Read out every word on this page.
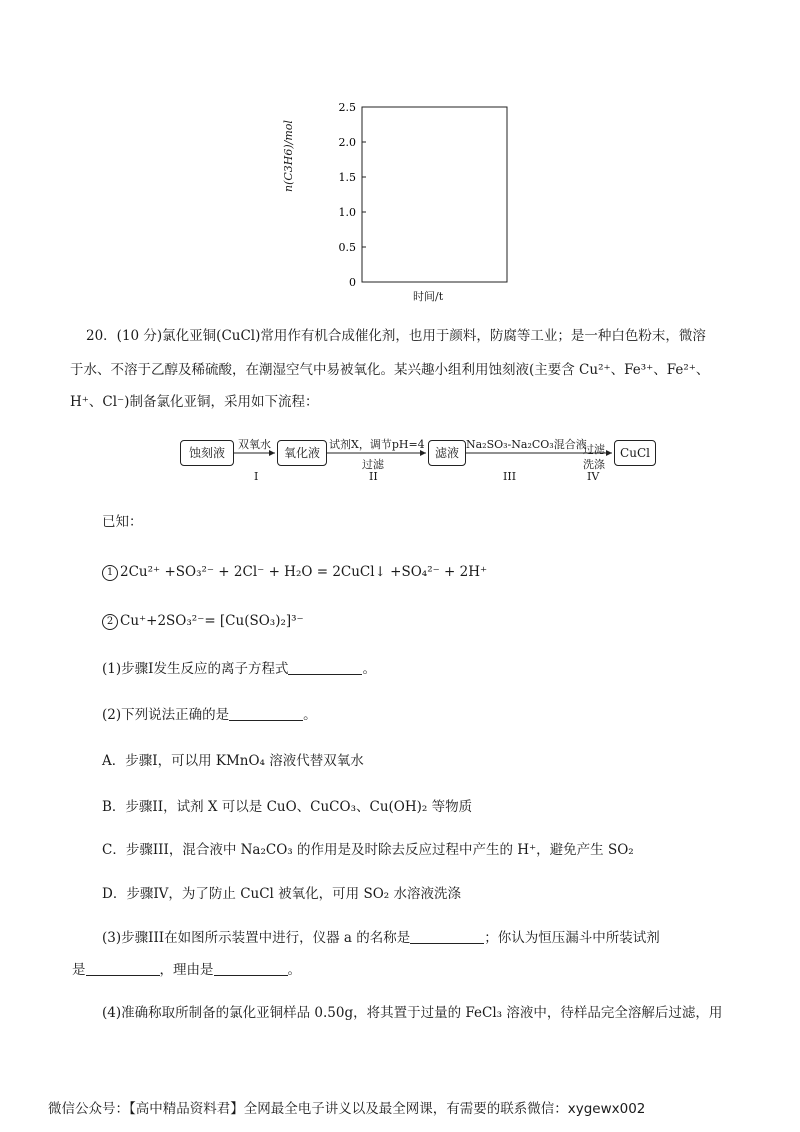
2.5
2.0
1.5
1.0
0.5
0
n(C3H6)/mol
时间/t
20．(10 分)氯化亚铜(CuCl)常用作有机合成催化剂，也用于颜料，防腐等工业；是一种白色粉末，微溶
于水、不溶于乙醇及稀硫酸，在潮湿空气中易被氧化。某兴趣小组利用蚀刻液(主要含 Cu²⁺、Fe³⁺、Fe²⁺、
H⁺、Cl⁻)制备氯化亚铜，采用如下流程：
蚀刻液	氧化液	滤液	CuCl
双氧水	试剂X，调节pH=4
过滤
Na₂SO₃-Na₂CO₃混合液
过滤
洗涤
I	II	III	IV
已知：
1 2Cu²⁺ +SO₃²⁻ + 2Cl⁻ + H₂O = 2CuCl↓ +SO₄²⁻ + 2H⁺
2 Cu⁺+2SO₃²⁻= [Cu(SO₃)₂]³⁻
(1)步骤I发生反应的离子方程式	。
(2)下列说法正确的是	。
A．步骤I，可以用 KMnO₄ 溶液代替双氧水
B．步骤II，试剂 X 可以是 CuO、CuCO₃、Cu(OH)₂ 等物质
C．步骤III，混合液中 Na₂CO₃ 的作用是及时除去反应过程中产生的 H⁺，避免产生 SO₂
D．步骤IV，为了防止 CuCl 被氧化，可用 SO₂ 水溶液洗涤
(3)步骤III在如图所示装置中进行，仪器 a 的名称是	；你认为恒压漏斗中所装试剂
是	，理由是	。
(4)准确称取所制备的氯化亚铜样品 0.50g，将其置于过量的 FeCl₃ 溶液中，待样品完全溶解后过滤，用
微信公众号：【高中精品资料君】全网最全电子讲义以及最全网课，有需要的联系微信：xygewx002
